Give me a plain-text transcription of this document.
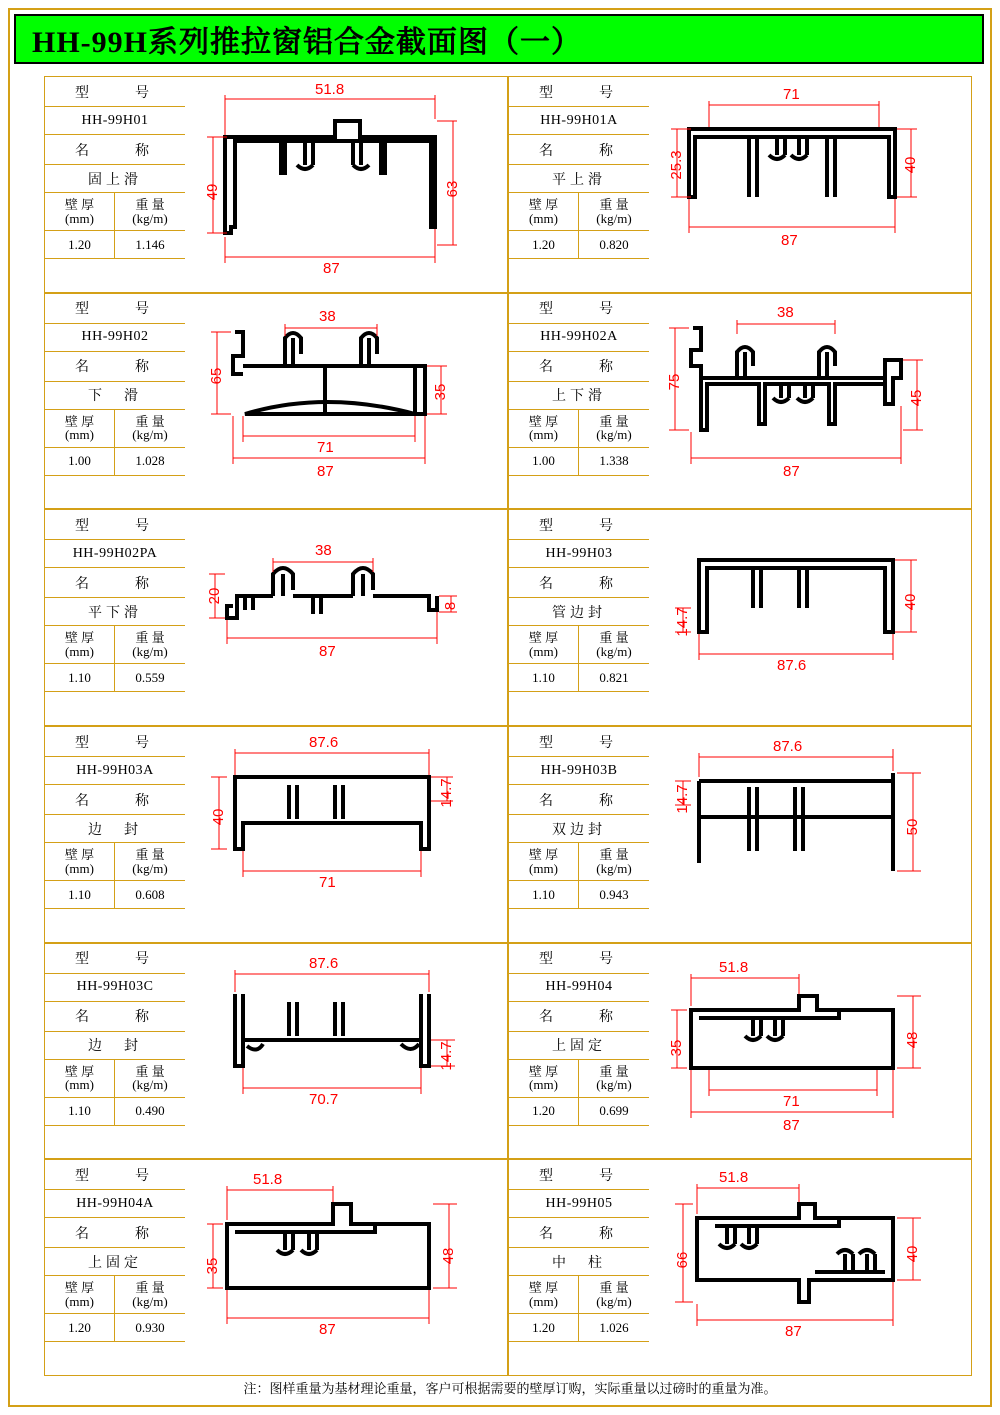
HH-99H系列推拉窗铝合金截面图（一）
型　　号
HH-99H01
名　　称
固上滑
壁 厚
(mm)
重 量
(kg/m)
1.20	1.146
51.8
49	63
87
型　　号
HH-99H01A
名　　称
平上滑
壁 厚
(mm)
重 量
(kg/m)
1.20	0.820
71
25.3	40
87
型　　号
HH-99H02
名　　称
下　滑
壁 厚
(mm)
重 量
(kg/m)
1.00	1.028
38
65
35
71
87
型　　号
HH-99H02A
名　　称
上下滑
壁 厚
(mm)
重 量
(kg/m)
1.00	1.338
38
75
45
87
型　　号
HH-99H02PA
名　　称
平下滑
壁 厚
(mm)
重 量
(kg/m)
1.10	0.559
38
20
8
87
型　　号
HH-99H03
名　　称
管边封
壁 厚
(mm)
重 量
(kg/m)
1.10	0.821
40
14.7
87.6
型　　号
HH-99H03A
名　　称
边　封
壁 厚
(mm)
重 量
(kg/m)
1.10	0.608
87.6
40
14.7
71
型　　号
HH-99H03B
名　　称
双边封
壁 厚
(mm)
重 量
(kg/m)
1.10	0.943
87.6
14.7
50
型　　号
HH-99H03C
名　　称
边　封
壁 厚
(mm)
重 量
(kg/m)
1.10	0.490
87.6
14.7
70.7
型　　号
HH-99H04
名　　称
上固定
壁 厚
(mm)
重 量
(kg/m)
1.20	0.699
51.8
35	48
71
87
型　　号
HH-99H04A
名　　称
上固定
壁 厚
(mm)
重 量
(kg/m)
1.20	0.930
51.8
35
48
87
型　　号
HH-99H05
名　　称
中　柱
壁 厚
(mm)
重 量
(kg/m)
1.20	1.026
51.8
66	40
87
注：图样重量为基材理论重量，客户可根据需要的壁厚订购，实际重量以过磅时的重量为准。
